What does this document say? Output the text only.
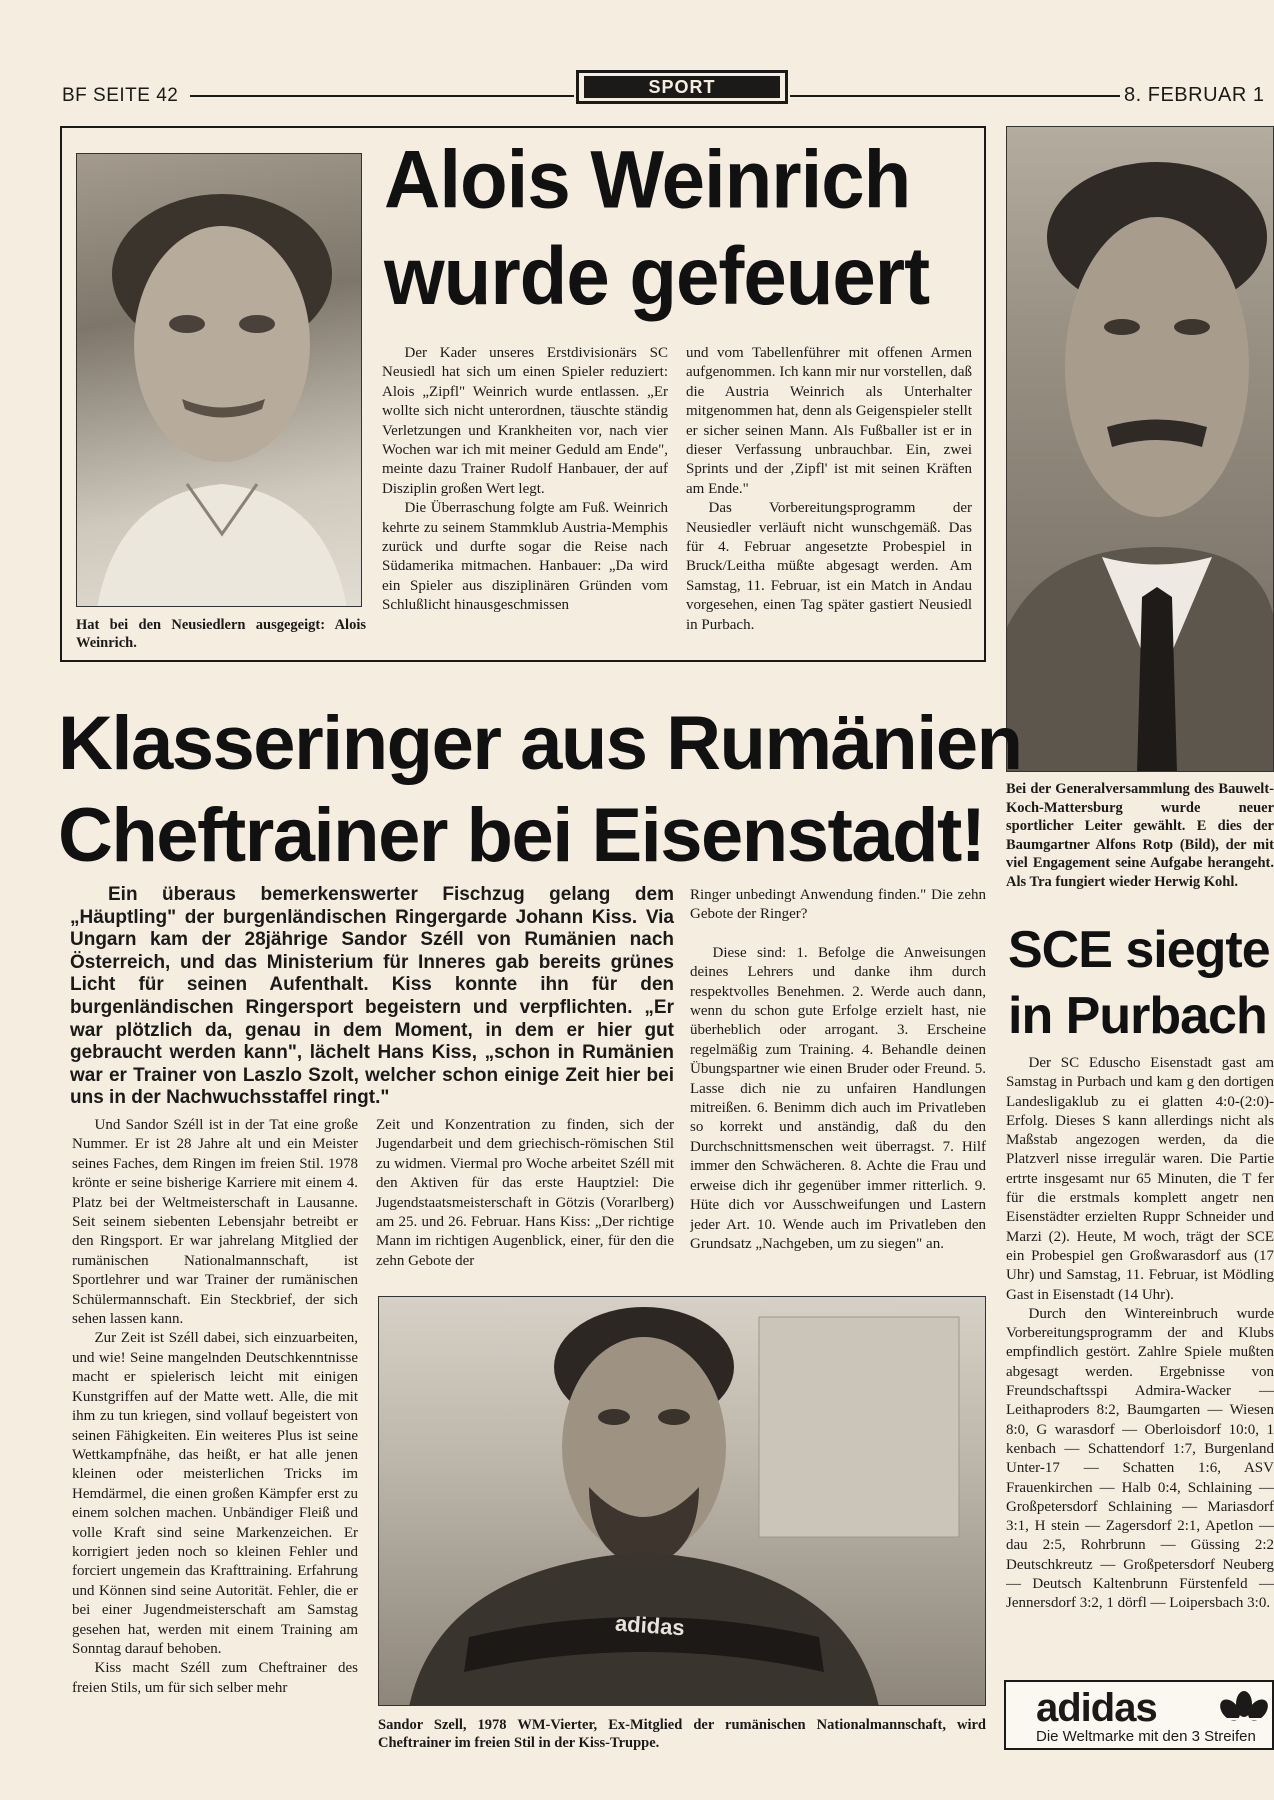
BF SEITE 42	SPORT	8. FEBRUAR 1
Hat bei den Neusiedlern ausgegeigt: Alois Weinrich.
Alois Weinrich
wurde gefeuert

Der Kader unseres Erstdivisionärs SC Neusiedl hat sich um einen Spieler reduziert: Alois „Zipfl" Weinrich wurde entlassen. „Er wollte sich nicht unterordnen, täuschte ständig Verletzungen und Krankheiten vor, nach vier Wochen war ich mit meiner Geduld am Ende", meinte dazu Trainer Rudolf Hanbauer, der auf Disziplin großen Wert legt.

Die Überraschung folgte am Fuß. Weinrich kehrte zu seinem Stammklub Austria-Memphis zurück und durfte sogar die Reise nach Südamerika mitmachen. Hanbauer: „Da wird ein Spieler aus disziplinären Gründen vom Schlußlicht hinausgeschmissen

und vom Tabellenführer mit offenen Armen aufgenommen. Ich kann mir nur vorstellen, daß die Austria Weinrich als Unterhalter mitgenommen hat, denn als Geigenspieler stellt er sicher seinen Mann. Als Fußballer ist er in dieser Verfassung unbrauchbar. Ein, zwei Sprints und der ‚Zipfl' ist mit seinen Kräften am Ende."

Das Vorbereitungsprogramm der Neusiedler verläuft nicht wunschgemäß. Das für 4. Februar angesetzte Probespiel in Bruck/Leitha müßte abgesagt werden. Am Samstag, 11. Februar, ist ein Match in Andau vorgesehen, einen Tag später gastiert Neusiedl in Purbach.

Bei der Generalversammlung des Bauwelt-Koch-Mattersburg wurde neuer sportlicher Leiter gewählt. E dies der Baumgartner Alfons Rotp (Bild), der mit viel Engagement seine Aufgabe herangeht. Als Tra fungiert wieder Herwig Kohl.
Klasseringer aus Rumänien
Cheftrainer bei Eisenstadt!
Ein überaus bemerkenswerter Fischzug gelang dem „Häuptling" der burgenländischen Ringergarde Johann Kiss. Via Ungarn kam der 28jährige Sandor Széll von Rumänien nach Österreich, und das Ministerium für Inneres gab bereits grünes Licht für seinen Aufenthalt. Kiss konnte ihn für den burgenländischen Ringersport begeistern und verpflichten. „Er war plötzlich da, genau in dem Moment, in dem er hier gut gebraucht werden kann", lächelt Hans Kiss, „schon in Rumänien war er Trainer von Laszlo Szolt, welcher schon einige Zeit hier bei uns in der Nachwuchsstaffel ringt."

Und Sandor Széll ist in der Tat eine große Nummer. Er ist 28 Jahre alt und ein Meister seines Faches, dem Ringen im freien Stil. 1978 krönte er seine bisherige Karriere mit einem 4. Platz bei der Weltmeisterschaft in Lausanne. Seit seinem siebenten Lebensjahr betreibt er den Ringsport. Er war jahrelang Mitglied der rumänischen Nationalmannschaft, ist Sportlehrer und war Trainer der rumänischen Schülermannschaft. Ein Steckbrief, der sich sehen lassen kann.

Zur Zeit ist Széll dabei, sich einzuarbeiten, und wie! Seine mangelnden Deutschkenntnisse macht er spielerisch leicht mit einigen Kunstgriffen auf der Matte wett. Alle, die mit ihm zu tun kriegen, sind vollauf begeistert von seinen Fähigkeiten. Ein weiteres Plus ist seine Wettkampfnähe, das heißt, er hat alle jenen kleinen oder meisterlichen Tricks im Hemdärmel, die einen großen Kämpfer erst zu einem solchen machen. Unbändiger Fleiß und volle Kraft sind seine Markenzeichen. Er korrigiert jeden noch so kleinen Fehler und forciert ungemein das Krafttraining. Erfahrung und Können sind seine Autorität. Fehler, die er bei einer Jugendmeisterschaft am Samstag gesehen hat, werden mit einem Training am Sonntag darauf behoben.

Kiss macht Széll zum Cheftrainer des freien Stils, um für sich selber mehr

Zeit und Konzentration zu finden, sich der Jugendarbeit und dem griechisch-römischen Stil zu widmen. Viermal pro Woche arbeitet Széll mit den Aktiven für das erste Hauptziel: Die Jugendstaatsmeisterschaft in Götzis (Vorarlberg) am 25. und 26. Februar. Hans Kiss: „Der richtige Mann im richtigen Augenblick, einer, für den die zehn Gebote der

Ringer unbedingt Anwendung finden." Die zehn Gebote der Ringer?

Diese sind: 1. Befolge die Anweisungen deines Lehrers und danke ihm durch respektvolles Benehmen. 2. Werde auch dann, wenn du schon gute Erfolge erzielt hast, nie überheblich oder arrogant. 3. Erscheine regelmäßig zum Training. 4. Behandle deinen Übungspartner wie einen Bruder oder Freund. 5. Lasse dich nie zu unfairen Handlungen mitreißen. 6. Benimm dich auch im Privatleben so korrekt und anständig, daß du den Durchschnittsmenschen weit überragst. 7. Hilf immer den Schwächeren. 8. Achte die Frau und erweise dich ihr gegenüber immer ritterlich. 9. Hüte dich vor Ausschweifungen und Lastern jeder Art. 10. Wende auch im Privatleben den Grundsatz „Nachgeben, um zu siegen" an.

adidas
Sandor Szell, 1978 WM-Vierter, Ex-Mitglied der rumänischen Nationalmannschaft, wird Cheftrainer im freien Stil in der Kiss-Truppe.
SCE siegte
in Purbach

Der SC Eduscho Eisenstadt gast am Samstag in Purbach und kam g den dortigen Landesligaklub zu ei glatten 4:0-(2:0)-Erfolg. Dieses S kann allerdings nicht als Maßstab angezogen werden, da die Platzverl nisse irregulär waren. Die Partie ertrte insgesamt nur 65 Minuten, die T fer für die erstmals komplett angetr nen Eisenstädter erzielten Ruppr Schneider und Marzi (2). Heute, M woch, trägt der SCE ein Probespiel gen Großwarasdorf aus (17 Uhr) und Samstag, 11. Februar, ist Mödling Gast in Eisenstadt (14 Uhr).

Durch den Wintereinbruch wurde Vorbereitungsprogramm der and Klubs empfindlich gestört. Zahlre Spiele mußten abgesagt werden. Ergebnisse von Freundschaftsspi Admira-Wacker — Leithaproders 8:2, Baumgarten — Wiesen 8:0, G warasdorf — Oberloisdorf 10:0, 1 kenbach — Schattendorf 1:7, Burgenland Unter-17 — Schatten 1:6, ASV Frauenkirchen — Halb 0:4, Schlaining — Großpetersdorf Schlaining — Mariasdorf 3:1, H stein — Zagersdorf 2:1, Apetlon — dau 2:5, Rohrbrunn — Güssing 2:2 Deutschkreutz — Großpetersdorf Neuberg — Deutsch Kaltenbrunn Fürstenfeld — Jennersdorf 3:2, 1 dörfl — Loipersbach 3:0.

adidas
Die Weltmarke mit den 3 Streifen
